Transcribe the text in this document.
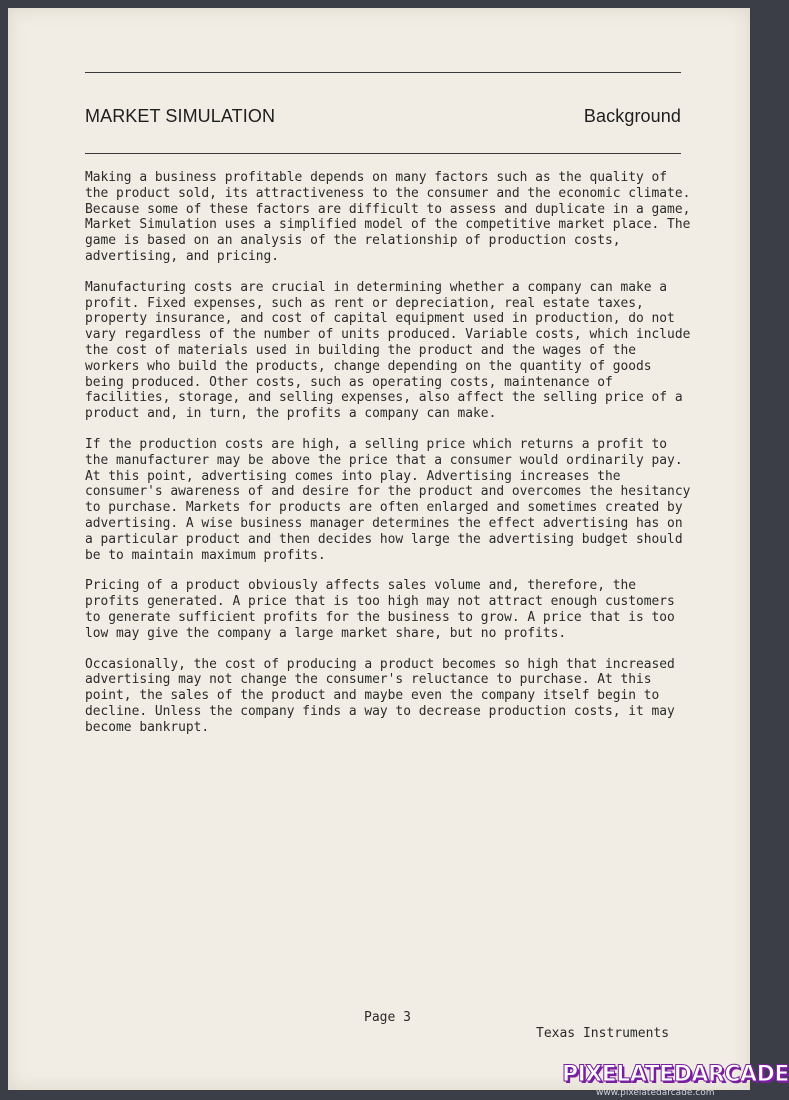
MARKET SIMULATION	Background

Making a business profitable depends on many factors such as the quality of the product sold, its attractiveness to the consumer and the economic climate. Because some of these factors are difficult to assess and duplicate in a game, Market Simulation uses a simplified model of the competitive market place. The game is based on an analysis of the relationship of production costs, advertising, and pricing.

Manufacturing costs are crucial in determining whether a company can make a profit. Fixed expenses, such as rent or depreciation, real estate taxes, property insurance, and cost of capital equipment used in production, do not vary regardless of the number of units produced. Variable costs, which include the cost of materials used in building the product and the wages of the workers who build the products, change depending on the quantity of goods being produced. Other costs, such as operating costs, maintenance of facilities, storage, and selling expenses, also affect the selling price of a product and, in turn, the profits a company can make.

If the production costs are high, a selling price which returns a profit to the manufacturer may be above the price that a consumer would ordinarily pay. At this point, advertising comes into play. Advertising increases the consumer's awareness of and desire for the product and overcomes the hesitancy to purchase. Markets for products are often enlarged and sometimes created by advertising. A wise business manager determines the effect advertising has on a particular product and then decides how large the advertising budget should be to maintain maximum profits.

Pricing of a product obviously affects sales volume and, therefore, the profits generated. A price that is too high may not attract enough customers to generate sufficient profits for the business to grow. A price that is too low may give the company a large market share, but no profits.

Occasionally, the cost of producing a product becomes so high that increased advertising may not change the consumer's reluctance to purchase. At this point, the sales of the product and maybe even the company itself begin to decline. Unless the company finds a way to decrease production costs, it may become bankrupt.

Page 3
Texas Instruments
PIXELATEDARCADE
www.pixelatedarcade.com
